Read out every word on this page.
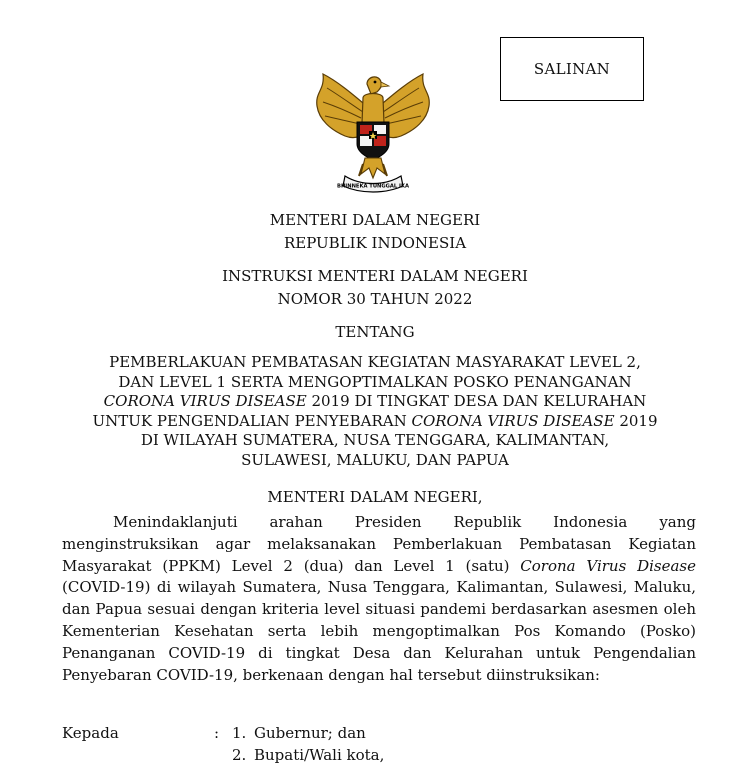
SALINAN
BHINNEKA TUNGGAL IKA
MENTERI DALAM NEGERI
REPUBLIK INDONESIA
INSTRUKSI MENTERI DALAM NEGERI
NOMOR 30 TAHUN 2022
TENTANG
PEMBERLAKUAN PEMBATASAN KEGIATAN MASYARAKAT LEVEL 2,
DAN LEVEL 1 SERTA MENGOPTIMALKAN POSKO PENANGANAN
CORONA VIRUS DISEASE 2019 DI TINGKAT DESA DAN KELURAHAN
UNTUK PENGENDALIAN PENYEBARAN CORONA VIRUS DISEASE 2019
DI WILAYAH SUMATERA, NUSA TENGGARA, KALIMANTAN,
SULAWESI, MALUKU, DAN PAPUA
MENTERI DALAM NEGERI,

Menindaklanjuti arahan Presiden Republik Indonesia yang menginstruksikan agar melaksanakan Pemberlakuan Pembatasan Kegiatan Masyarakat (PPKM) Level 2 (dua) dan Level 1 (satu) Corona Virus Disease (COVID-19) di wilayah Sumatera, Nusa Tenggara, Kalimantan, Sulawesi, Maluku, dan Papua sesuai dengan kriteria level situasi pandemi berdasarkan asesmen oleh Kementerian Kesehatan serta lebih mengoptimalkan Pos Komando (Posko) Penanganan COVID-19 di tingkat Desa dan Kelurahan untuk Pengendalian Penyebaran COVID-19, berkenaan dengan hal tersebut diinstruksikan:

Kepada	: 1. Gubernur; dan
2. Bupati/Wali kota,
